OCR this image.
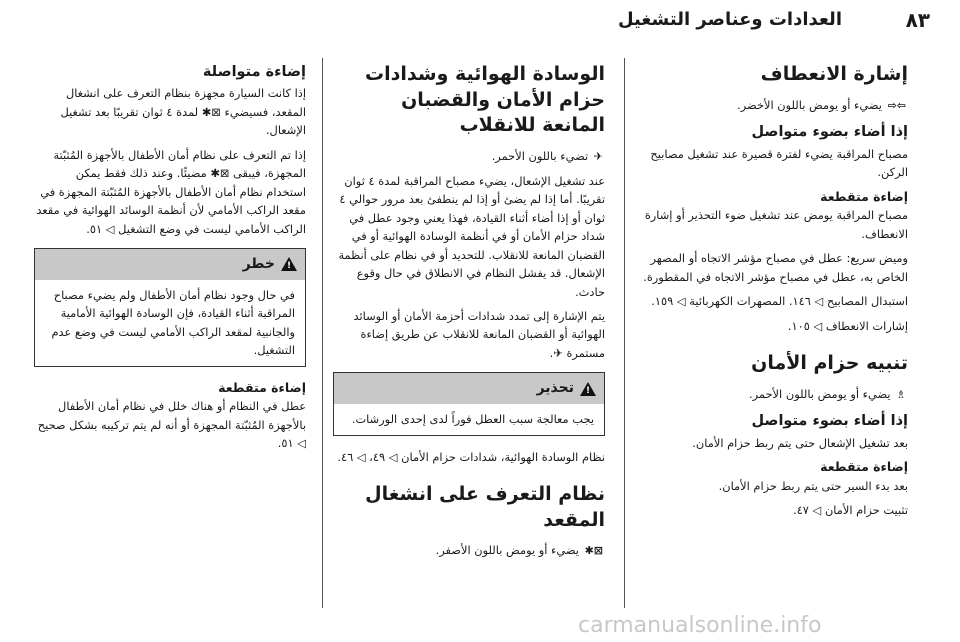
٨٣
العدادات وعناصر التشغيل
إشارة الانعطاف

⇦⇨ يضيء أو يومض باللون الأخضر.

إذا أضاء بضوء متواصل

مصباح المراقبة يضيء لفترة قصيرة عند تشغيل مصابيح الركن.

إضاءة متقطعة

مصباح المراقبة يومض عند تشغيل ضوء التحذير أو إشارة الانعطاف.

وميض سريع: عطل في مصباح مؤشر الاتجاه أو المصهر الخاص به، عطل في مصباح مؤشر الاتجاه في المقطورة.

استبدال المصابيح ◁ ١٤٦. المصهرات الكهربائية ◁ ١٥٩.

إشارات الانعطاف ◁ ١٠٥.

تنبيه حزام الأمان

♗ يضيء أو يومض باللون الأحمر.

إذا أضاء بضوء متواصل

بعد تشغيل الإشعال حتى يتم ربط حزام الأمان.

إضاءة متقطعة

بعد بدء السير حتى يتم ربط حزام الأمان.

تثبيت حزام الأمان ◁ ٤٧.

الوسادة الهوائية وشدادات حزام الأمان والقضبان المانعة للانقلاب

✈ تضيء باللون الأحمر.

عند تشغيل الإشعال، يضيء مصباح المراقبة لمدة ٤ ثوان تقريبًا. أما إذا لم يضئ أو إذا لم ينطفئ بعد مرور حوالي ٤ ثوان أو إذا أضاء أثناء القيادة، فهذا يعني وجود عطل في شداد حزام الأمان أو في أنظمة الوسادة الهوائية أو في القضبان المانعة للانقلاب. للتحديد أو في نظام على أنظمة الإشعال. قد يفشل النظام في الانطلاق في حال وقوع حادث.

يتم الإشارة إلى تمدد شدادات أحزمة الأمان أو الوسائد الهوائية أو القضبان المانعة للانقلاب عن طريق إضاءة مستمرة ✈.

!
تحذير
يجب معالجة سبب العطل فوراً لدى إحدى الورشات.

نظام الوسادة الهوائية، شدادات حزام الأمان ◁ ٤٩، ◁ ٤٦.

نظام التعرف على انشغال المقعد

⊠✱ يضيء أو يومض باللون الأصفر.

إضاءة متواصلة

إذا كانت السيارة مجهزة بنظام التعرف على انشغال المقعد، فسيضيء ⊠✱ لمدة ٤ ثوان تقريبًا بعد تشغيل الإشعال.

إذا تم التعرف على نظام أمان الأطفال بالأجهزة المُثبّتة المجهزة، فيبقى ⊠✱ مضيئًا. وعند ذلك فقط يمكن استخدام نظام أمان الأطفال بالأجهزة المُثبّتة المجهزة في مقعد الراكب الأمامي لأن أنظمة الوسائد الهوائية في مقعد الراكب الأمامي ليست في وضع التشغيل ◁ ٥١.

!
خطر
في حال وجود نظام أمان الأطفال ولم يضيء مصباح المراقبة أثناء القيادة، فإن الوسادة الهوائية الأمامية والجانبية لمقعد الراكب الأمامي ليست في وضع عدم التشغيل.
إضاءة متقطعة

عطل في النظام أو هناك خلل في نظام أمان الأطفال بالأجهزة المُثبّتة المجهزة أو أنه لم يتم تركيبه بشكل صحيح ◁ ٥١.

carmanualsonline.info
